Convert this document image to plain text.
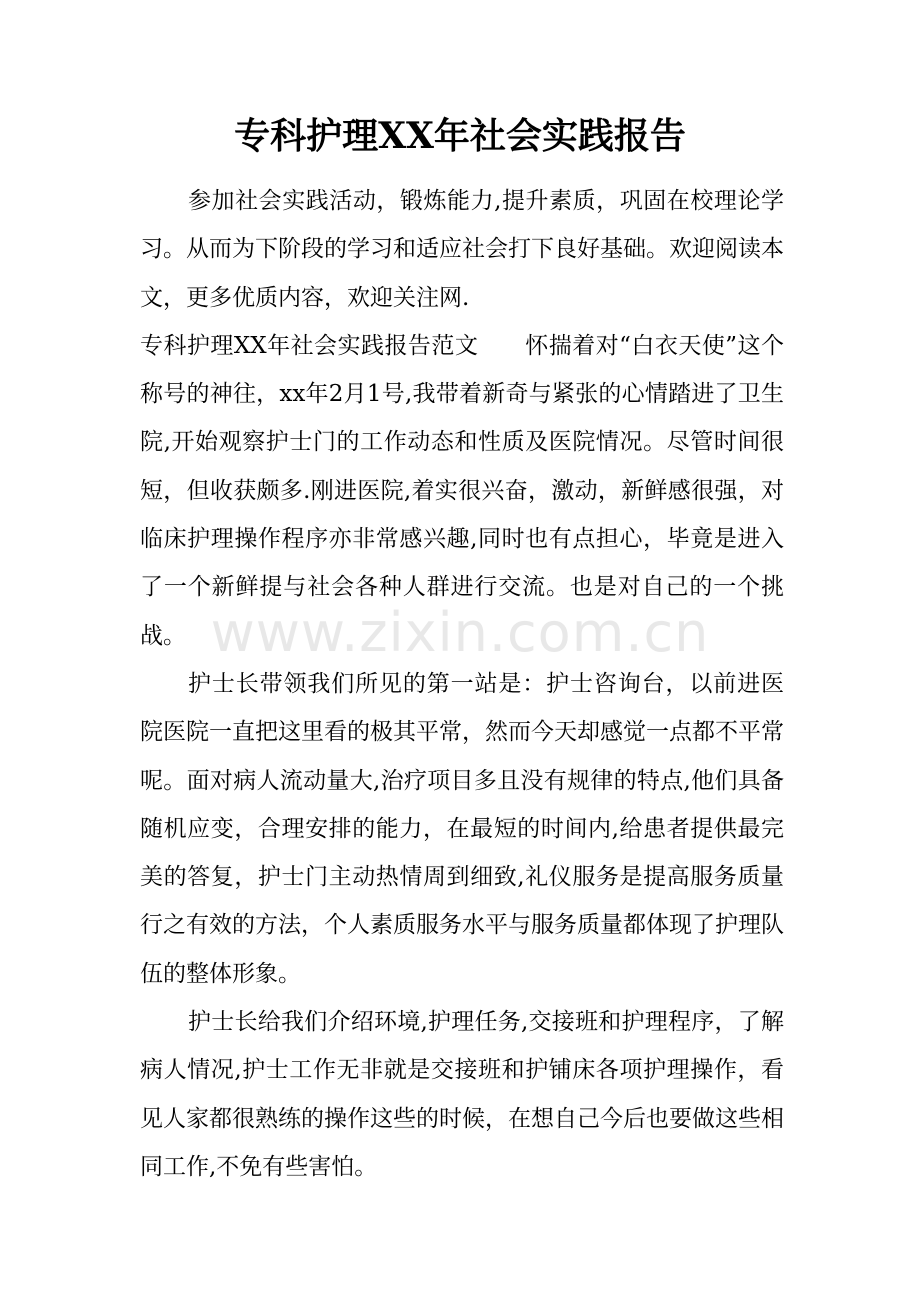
专科护理XX年社会实践报告

参加社会实践活动，锻炼能力,提升素质，巩固在校理论学习。从而为下阶段的学习和适应社会打下良好基础。欢迎阅读本文，更多优质内容，欢迎关注网.

专科护理XX年社会实践报告范文　　怀揣着对“白衣天使”这个称号的神往，xx年2月1号,我带着新奇与紧张的心情踏进了卫生院,开始观察护士门的工作动态和性质及医院情况。尽管时间很短，但收获颇多.刚进医院,着实很兴奋，激动，新鲜感很强，对临床护理操作程序亦非常感兴趣,同时也有点担心，毕竟是进入了一个新鲜提与社会各种人群进行交流。也是对自己的一个挑战。

护士长带领我们所见的第一站是：护士咨询台，以前进医院医院一直把这里看的极其平常，然而今天却感觉一点都不平常呢。面对病人流动量大,治疗项目多且没有规律的特点,他们具备随机应变，合理安排的能力，在最短的时间内,给患者提供最完美的答复，护士门主动热情周到细致,礼仪服务是提高服务质量行之有效的方法，个人素质服务水平与服务质量都体现了护理队伍的整体形象。

护士长给我们介绍环境,护理任务,交接班和护理程序，了解病人情况,护士工作无非就是交接班和护铺床各项护理操作，看见人家都很熟练的操作这些的时候，在想自己今后也要做这些相同工作,不免有些害怕。

www.zixin.com.cn
